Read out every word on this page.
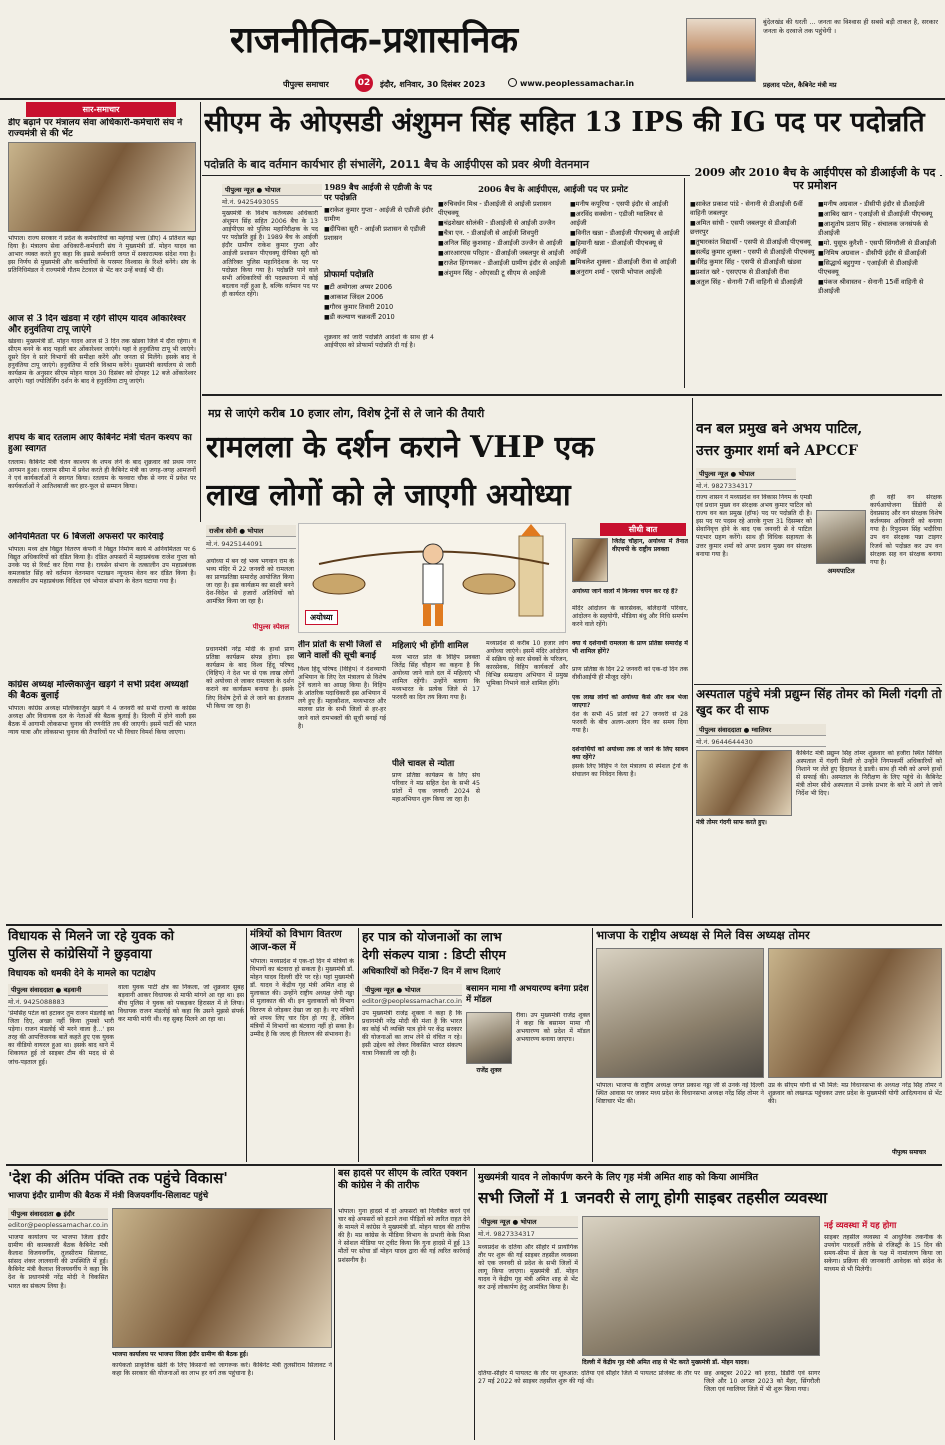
राजनीतिक-प्रशासनिक
पीपुल्स समाचार	02	इंदौर, शनिवार, 30 दिसंबर 2023	www.peoplessamachar.in
बुंदेलखंड की धरती ... जनता का विश्वास ही सबसे बड़ी ताकत है, सरकार जनता के दरवाजे तक पहुंचेगी ।
प्रहलाद पटेल, कैबिनेट मंत्री मप्र
सार-समाचार
डीए बढ़ाने पर मंत्रालय सेवा अधिकारी-कर्मचारी संघ ने राज्यमंत्री से की भेंट
भोपाल। राज्य सरकार ने प्रदेश के कर्मचारियों का महंगाई भत्ता (डीए) 4 प्रतिशत बढ़ा दिया है। मंत्रालय सेवा अधिकारी-कर्मचारी संघ ने मुख्यमंत्री डॉ. मोहन यादव का आभार व्यक्त करते हुए कहा कि इससे कर्मचारी जगत में सकारात्मक संदेश गया है। इस निर्णय से मुख्यमंत्री और कर्मचारियों के परस्पर विश्वास के रिश्ते बनेंगे। संघ के प्रतिनिधिमंडल ने राज्यमंत्री गौतम टेटवाल से भेंट कर उन्हें बधाई भी दी।
आज से 3 दिन खंडवा में रहेंगे सीएम यादव ओंकारेश्वर और हनुवंतिया टापू जाएंगे
खंडवा। मुख्यमंत्री डॉ. मोहन यादव आज से 3 दिन तक खंडवा जिले में दौरा रहेगा। वे सीएम बनने के बाद पहली बार ओंकारेश्वर जाएंगे। यहां वे हनुवंतिया टापू भी जाएंगे। दूसरे दिन वे सारे विभागों की समीक्षा करेंगे और जनता से मिलेंगे। इसके बाद वे हनुवंतिया टापू जाएंगे। हनुवंतिया में रात्रि विश्राम करेंगे। मुख्यमंत्री कार्यालय से जारी कार्यक्रम के अनुसार सीएम मोहन यादव 30 दिसंबर को दोपहर 12 बजे ओंकारेश्वर आएंगे। यहां ज्योतिर्लिंग दर्शन के बाद वे हनुवंतिया टापू जाएंगे।
शपथ के बाद रतलाम आए कैबिनेट मंत्री चेतन कश्यप का हुआ स्वागत
रतलाम। कैबिनेट मंत्री चेतन काश्यप के शपथ लेने के बाद शुक्रवार को प्रथम नगर आगमन हुआ। रतलाम सीमा में प्रवेश करते ही कैबिनेट मंत्री का जगह-जगह आमजनों ने एवं कार्यकर्ताओं ने स्वागत किया। रतलाम के फव्वारा चौक से नगर में प्रवेश पर कार्यकर्ताओं ने आतिशबाजी कर हार-फूल से सम्मान किया।
अनियमितता पर 6 बिजली अफसरों पर कार्रवाई
भोपाल। मध्य क्षेत्र विद्युत वितरण कंपनी ने विद्युत निर्माण कार्य में अनियमितता पर 6 विद्युत अधिकारियों को दंडित किया है। दंडित अफसरों में महाप्रबंधक राजेश गुप्ता को उनके पद से रिवर्ट कर दिया गया है। रायसेन संभाग के तत्कालीन उप महाप्रबंधक कमलकांत सिंह को वर्तमान वेतनमान पटाखन न्यूनतम वेतन कर दंडित किया है। तत्कालीन उप महाप्रबंधक विदिशा एवं भोपाल संभाग के वेतन घटाया गया है।
कांग्रेस अध्यक्ष मल्लिकार्जुन खड़गे ने सभी प्रदेश अध्यक्षों की बैठक बुलाई
भोपाल। कांग्रेस अध्यक्ष मल्लिकार्जुन खड़गे ने 4 जनवरी को सभी राज्यों के कांग्रेस अध्यक्ष और विधायक दल के नेताओं की बैठक बुलाई है। दिल्ली में होने वाली इस बैठक में आगामी लोकसभा चुनाव की रणनीति तय की जाएगी। इसमें पार्टी की भारत न्याय यात्रा और लोकसभा चुनाव की तैयारियों पर भी विचार विमर्श किया जाएगा।
सीएम के ओएसडी अंशुमन सिंह सहित 13 IPS की IG पद पर पदोन्नति
पदोन्नति के बाद वर्तमान कार्यभार ही संभालेंगे, 2011 बैच के आईपीएस को प्रवर श्रेणी वेतनमान
पीपुल्स न्यूज़ ● भोपाल
मो.नं. 9425493055
मुख्यमंत्री के विशेष कर्तव्यस्थ अधिकारी अंशुमन सिंह सहित 2006 बैच के 13 आईपीएस को पुलिस महानिरीक्षक के पद पर पदोन्नति हुई है। 1989 बैच के आईजी इंदौर ग्रामीण राकेश कुमार गुप्ता और आईजी प्रशासन पीएचक्यू दीपिका सूरी को अतिरिक्त पुलिस महानिदेशक के पद पर पदोन्नत किया गया है। पदोन्नति पाने वाले सभी अधिकारियों की पदस्थापना में कोई बदलाव नहीं हुआ है, बल्कि वर्तमान पद पर ही कार्यरत रहेंगे।
1989 बैच आईजी से एडीजी के पद पर पदोन्नति
■ राकेश कुमार गुप्ता - आईजी से एडीजी इंदौर ग्रामीण
■ दीपिका सूरी - आईजी प्रशासन से एडीजी प्रशासन
प्रोफार्मा पदोन्नति
■ टी अमोगला अय्यर 2006
■ आकाश जिंदल 2006
■ गौरव कुमार तिवारी 2010
■ डी कल्याण चक्रवर्ती 2010
शुक्रवार को जारी पदोन्नति आदेशों के साथ ही 4 आईपीएस को प्रोफार्मा पदोन्नति दी गई है।
2006 बैच के आईपीएस, आईजी पद पर प्रमोट
■ रुचिवर्धन मिश्र - डीआईजी से आईजी प्रशासन पीएचक्यू
■ चंद्रशेखर सोलंकी - डीआईजी से आईजी उज्जैन
■ चैत्रा एन. - डीआईजी से आईजी शिवपुरी
■ अनिल सिंह कुशवाह - डीआईजी उज्जैन से आईजी
■ आरआरएस परिहार - डीआईजी जबलपुर से आईजी
■ राजेश हिंगणकर - डीआईजी ग्रामीण इंदौर से आईजी
■ अंशुमन सिंह - ओएसडी टू सीएम से आईजी
■ मनीष कपूरिया - एसपी इंदौर से आईजी
■ अरविंद सक्सेना - एडीजी ग्वालियर से आईजी
■ विनीत खन्ना - डीआईजी पीएचक्यू से आईजी
■ हिमानी खन्ना - डीआईजी पीएचक्यू से आईजी
■ मिथलेश शुक्ला - डीआईजी रीवा से आईजी
■ अनुराग शर्मा - एसपी भोपाल आईजी
2009 और 2010 बैच के आईपीएस को डीआईजी के पद पर प्रमोशन
■ साकेत प्रकाश पांडे - सेनानी से डीआईजी 6वीं वाहिनी जबलपुर
■ अमित सांघी - एसपी जबलपुर से डीआईजी छत्तरपुर
■ तुषारकांत विद्यार्थी - एसपी से डीआईजी पीएचक्यू
■ सत्येंद्र कुमार शुक्ला - एसपी से डीआईजी पीएचक्यू
■ वीरेंद्र कुमार सिंह - एसपी से डीआईजी खंडवा
■ प्रशांत खरे - एसएएफ से डीआईजी रीवा
■ अतुल सिंह - सेनानी 7वीं वाहिनी से डीआईजी
■ मनीष अग्रवाल - डीसीपी इंदौर से डीआईजी
■ आबिद खान - एआईजी से डीआईजी पीएचक्यू
■ आशुतोष प्रताप सिंह - संचालक जनसंपर्क से डीआईजी
■ मो. युसूफ कुरैशी - एसपी सिंगरौली से डीआईजी
■ निमिष अग्रवाल - डीसीपी इंदौर से डीआईजी
■ सिद्धार्थ बहुगुणा - एआईजी से डीआईजी पीएचक्यू
■ पंकज श्रीवास्तव - सेनानी 15वीं वाहिनी से डीआईजी
मप्र से जाएंगे करीब 10 हजार लोग, विशेष ट्रेनों से ले जाने की तैयारी
रामलला के दर्शन कराने VHP एक
लाख लोगों को ले जाएगी अयोध्या
राजीव सोनी ● भोपाल
मो.नं. 9425144091
अयोध्या में बन रहे भव्य भगवान राम के भव्य मंदिर में 22 जनवरी को रामलला का प्राणप्रतिष्ठा समारोह आयोजित किया जा रहा है। इस कार्यक्रम का साक्षी बनने देश-विदेश से हजारों अतिथियों को आमंत्रित किया जा रहा है।
प्रधानमंत्री नरेंद्र मोदी के हाथों प्राण प्रतिष्ठा कार्यक्रम संपन्न होगा। इस कार्यक्रम के बाद विश्व हिंदू परिषद (विहिप) ने देश भर से एक लाख लोगों को अयोध्या ले जाकर रामलला के दर्शन कराने का कार्यक्रम बनाया है। इसके लिए विशेष ट्रेनों से ले जाने का इंतजाम भी किया जा रहा है।
पीपुल्स स्पेशल
अयोध्या
तीन प्रांतों के सभी जिलों से जाने वालों की सूची बनाई
विश्व हिंदू परिषद (विहिप) ने देशव्यापी अभियान के लिए रेल मंत्रालय से विशेष ट्रेनें चलाने का आग्रह किया है। विहिप के आंतरिक पदाधिकारी इस अभियान में लगे हुए हैं। महाकौशल, मध्यभारत और मालवा प्रांत के सभी जिलों से हर-हर जाने वाले रामभक्तों की सूची बनाई गई है।
महिलाएं भी होंगी शामिल
मध्य भारत प्रांत के विहिप प्रवक्ता जितेंद्र सिंह चौहान का कहना है कि अयोध्या जाने वाले दल में महिलाएं भी शामिल रहेंगी। उन्होंने बताया कि मध्यभारत के प्रत्येक जिले से 17 फरवरी का दिन तय किया गया है।
पीले चावल से न्योता
प्राण प्रतिष्ठा कार्यक्रम के लिए संघ परिवार ने मप्र सहित देश के सभी 45 प्रांतों में एक जनवरी 2024 से महाअभियान शुरू किया जा रहा है।
सीधी बात
जितेंद्र चौहान, अयोध्या में तैनात वीएचपी के राष्ट्रीय प्रवक्ता
अयोध्या जाने वालों में किनका चयन कर रहे हैं?
मंदिर आंदोलन के कारसेवक, बलिदानी परिवार, आंदोलन के सहयोगी, मीडिया बंधु और निधि समर्पण करने वाले रहेंगे।
क्या ये दर्शनार्थी रामलला के प्राण प्रतिष्ठा समारोह में भी शामिल होंगे?
प्राण प्रतिष्ठा के दिन 22 जनवरी को एक-दो दिन तक वीवीआईपी ही मौजूद रहेंगे।
एक लाख लोगों को अयोध्या कैसे और कब भेजा जाएगा?
देश के सभी 45 प्रांतों को 27 जनवरी से 28 फरवरी के बीच अलग-अलग दिन का समय दिया गया है।
दर्शनार्थियों को अयोध्या तक ले जाने के लिए साधन क्या रहेंगे?
इसके लिए विहिप ने रेल मंत्रालय से स्पेशल ट्रेनों के संचालन का निवेदन किया है।
मध्यप्रदेश से करीब 10 हजार लोग अयोध्या जाएंगे। इसमें मंदिर आंदोलन में सक्रिय रहे कार सेवकों के परिजन, कारसेवक, विहिप कार्यकर्ता और विभिन्न सम्प्रदाय अभियान में प्रमुख भूमिका निभाने वाले शामिल होंगे।
वन बल प्रमुख बने अभय पाटिल,
उत्तर कुमार शर्मा बने APCCF
पीपुल्स न्यूज़ ● भोपाल
मो.नं. 9827334317
राज्य शासन ने मध्यप्रदेश वन विकास निगम के एमडी एवं प्रधान मुख्य वन संरक्षक अभय कुमार पाटिल को राज्य वन बल प्रमुख (हॉफ) पद पर पदोन्नति दी है। इस पद पर पदस्थ रहे आरके गुप्ता 31 दिसम्बर को सेवानिवृत्त होने के बाद एक जनवरी से वे पाटिल पदभार ग्रहण करेंगे। साथ ही विधिक सहायता के उत्तर कुमार शर्मा को अपर प्रधान मुख्य वन संरक्षक बनाया गया है।
अमयपाटिल
ही वहीं वन संरक्षक कार्यआयोजना डिंडोरी से देवप्रसाद और वन संरक्षक विशेष कर्तव्यस्थ अधिकारी को बनाया गया है। रिपुदमन सिंह भदौरिया उप वन संरक्षक पन्ना टाइगर रिजर्व को पदोन्नत कर उप वन संरक्षक सह वन संरक्षक बनाया गया है।
अस्पताल पहुंचे मंत्री प्रद्युम्न सिंह तोमर को मिली गंदगी तो खुद कर दी साफ
पीपुल्स संवाददाता ● ग्वालियर
मो.नं. 9644644430
मंत्री तोमर गंदगी साफ करते हुए।
कैबिनेट मंत्री प्रद्युम्न सिंह तोमर शुक्रवार को हजीरा स्थित सिविल अस्पताल में गंदगी मिली तो उन्होंने निगमकर्मी अधिकारियों को निशाने पर लेते हुए हिदायत दे डाली। साथ ही मंत्री को अपने हाथों से सफाई की। अस्पताल के निरीक्षण के लिए पहुंचे थे। कैबिनेट मंत्री तोमर सीधे अस्पताल में उनके प्रभार के बारे में आगे ले जाने निर्देश भी दिए।
विधायक से मिलने जा रहे युवक को
पुलिस से कांग्रेसियों ने छुड़वाया
विधायक को धमकी देने के मामले का पटाक्षेप
पीपुल्स संवाददाता ● बड़वानी
मो.नं. 9425088883
'प्रेमसिंह पटेल को हटाकर तुम राजन मंडलोई को जिता दिए, अच्छा नहीं किया तुमको भारी पड़ेगा। राजन मंडलोई भी मरने वाला है...' इस तरह की आपत्तिजनक बातें कहते हुए एक युवक का वीडियो वायरल हुआ था। इसके बाद थाने में शिकायत हुई तो साइबर टीम की मदद से से जांच-पड़ताल हुई।
वाला युवक पाटी क्षेत्र का निकला, जो शुक्रवार सुबह बड़वानी आकर विधायक से माफी मांगने आ रहा था। इस बीच पुलिस ने युवक को पकड़कर हिरासत में ले लिया। विधायक राजन मंडलोई को कहा कि उसने मुझसे संपर्क कर माफी मांगी थी। वह सुबह मिलने आ रहा था।
मंत्रियों को विभाग वितरण आज-कल में
भोपाल। मध्यप्रदेश में एक-दो दिन में मंत्रियों के विभागों का बंटवारा हो सकता है। मुख्यमंत्री डॉ. मोहन यादव दिल्ली दौरे पर रहे। यहां मुख्यमंत्री डॉ. यादव ने केंद्रीय गृह मंत्री अमित शाह से मुलाकात की। उन्होंने राष्ट्रीय अध्यक्ष जेपी नड्डा से मुलाकात की थी। इन मुलाकातों को विभाग वितरण से जोड़कर देखा जा रहा है। नए मंत्रियों को शपथ लिए चार दिन हो गए हैं, लेकिन मंत्रियों में विभागों का बंटवारा नहीं हो सका है। उम्मीद है कि जल्द ही वितरण की संभावना है।
हर पात्र को योजनाओं का लाभ
देगी संकल्प यात्रा : डिप्टी सीएम
अधिकारियों को निर्देश-7 दिन में लाभ दिलाएं
पीपुल्स न्यूज़ ● भोपाल
editor@peoplessamachar.co.in
उप मुख्यमंत्री राजेंद्र शुक्ला ने कहा है कि प्रधानमंत्री नरेंद्र मोदी की मंशा है कि भारत का कोई भी व्यक्ति पात्र होने पर केंद्र सरकार की योजनाओं का लाभ लेने से वंचित न रहे। इसी उद्देश्य को लेकर विकसित भारत संकल्प यात्रा निकाली जा रही है।
बसामन मामा गौ अभयारण्य बनेगा प्रदेश में मॉडल
राजेंद्र शुक्ल
रीवा। उप मुख्यमंत्री राजेंद्र शुक्ल ने कहा कि बसामन मामा गौ अभयारण्य को प्रदेश में मॉडल अभयारण्य बनाया जाएगा।
भाजपा के राष्ट्रीय अध्यक्ष से मिले विस अध्यक्ष तोमर
भोपाल। भाजपा के राष्ट्रीय अध्यक्ष जगत प्रकाश नड्डा जी से उनके नई दिल्ली स्थित आवास पर जाकर मध्य प्रदेश के विधानसभा अध्यक्ष नरेंद्र सिंह तोमर ने शिष्टाचार भेंट की।
उप्र के सीएम योगी से भी मिले: मप्र विधानसभा के अध्यक्ष नरेंद्र सिंह तोमर ने शुक्रवार को लखनऊ पहुंचकर उत्तर प्रदेश के मुख्यमंत्री योगी आदित्यनाथ से भेंट की।
पीपुल्स समाचार
'देश की अंतिम पंक्ति तक पहुंचे विकास'
भाजपा इंदौर ग्रामीण की बैठक में मंत्री विजयवर्गीय-सिलावट पहुंचे
पीपुल्स संवाददाता ● इंदौर
editor@peoplessamachar.co.in
भाजपा कार्यालय पर भाजपा जिला इंदौर ग्रामीण की कामकाजी बैठक कैबिनेट मंत्री कैलाश विजयवर्गीय, तुलसीराम सिलावट, सांसद शंकर लालवानी की उपस्थिति में हुई। कैबिनेट मंत्री कैलाश विजयवर्गीय ने कहा कि देश के प्रधानमंत्री नरेंद्र मोदी ने विकसित भारत का संकल्प लिया है।
भाजपा कार्यालय पर भाजपा जिला इंदौर ग्रामीण की बैठक हुई।
कार्यकर्ता प्राकृतिक खेती के लिए किसानों को जागरूक करें। कैबिनेट मंत्री तुलसीराम सिलावट ने कहा कि सरकार की योजनाओं का लाभ हर वर्ग तक पहुंचाना है।
बस हादसे पर सीएम के त्वरित एक्शन की कांग्रेस ने की तारीफ
भोपाल। गुना हादसे में दो अफसरों को निलंबित करने एवं चार बड़े अफसरों को हटाने तथा पीड़ितों को त्वरित राहत देने के मामले में कांग्रेस ने मुख्यमंत्री डॉ. मोहन यादव की तारीफ की है। मप्र कांग्रेस के मीडिया विभाग के प्रभारी केके मिश्रा ने सोशल मीडिया पर ट्वीट किया कि गुना हादसे में हुई 13 मौतों पर सोचा डॉ मोहन यादव द्वारा की गई त्वरित कार्रवाई प्रशंसनीय है।
मुख्यमंत्री यादव ने लोकार्पण करने के लिए गृह मंत्री अमित शाह को किया आमंत्रित
सभी जिलों में 1 जनवरी से लागू होगी साइबर तहसील व्यवस्था
पीपुल्स न्यूज़ ● भोपाल
मो.नं. 9827334317
मध्यप्रदेश के दतिया और सीहोर में प्रायोगिक तौर पर शुरू की गई साइबर तहसील व्यवस्था को एक जनवरी से प्रदेश के सभी जिलों में लागू किया जाएगा। मुख्यमंत्री डॉ. मोहन यादव ने केंद्रीय गृह मंत्री अमित शाह से भेंट कर उन्हें लोकार्पण हेतु आमंत्रित किया है।
दिल्ली में केंद्रीय गृह मंत्री अमित शाह से भेंट करते मुख्यमंत्री डॉ. मोहन यादव।
दतिया-सीहोर में पायलट के तौर पर शुरुआत: दतिया एवं सीहोर जिले में पायलट प्रोजेक्ट के तौर पर 27 मई 2022 को साइबर तहसील शुरू की गई थी।
छह अक्टूबर 2022 को हरदा, डिंडौरी एवं सागर जिले और 10 अगस्त 2023 को मैहर, सिंगरौली जिला एवं ग्वालियर जिले में भी शुरू किया गया।
नई व्यवस्था में यह होगा
साइबर तहसील व्यवस्था में आधुनिक तकनीक के उपयोग पारदर्शी तरीके से रजिस्ट्री के 15 दिन की समय-सीमा में क्रेता के पक्ष में नामांतरण किया जा सकेगा। प्रक्रिया की जानकारी आवेदक को संदेश के माध्यम से भी मिलेगी।
